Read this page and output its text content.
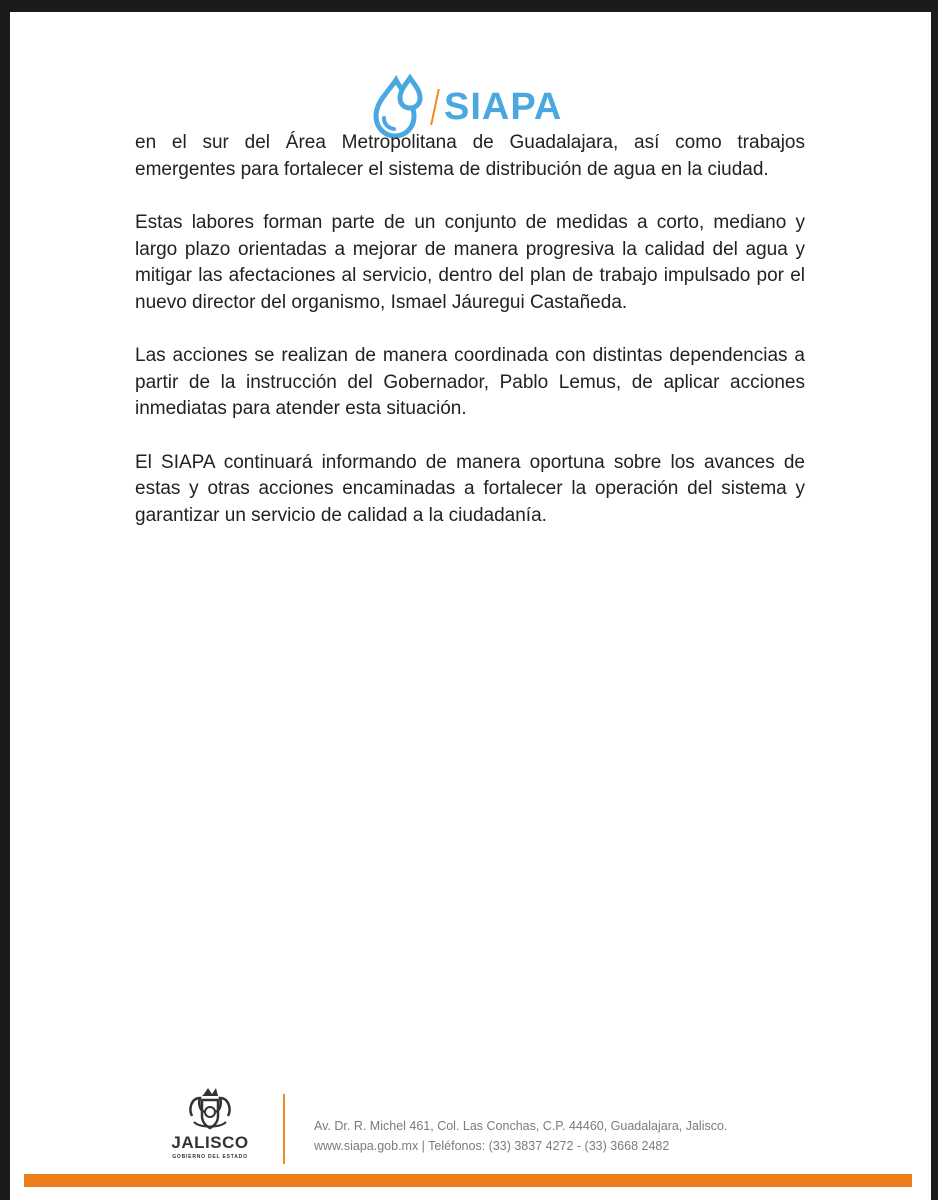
SIAPA

en el sur del Área Metropolitana de Guadalajara, así como trabajos emergentes para fortalecer el sistema de distribución de agua en la ciudad.

Estas labores forman parte de un conjunto de medidas a corto, mediano y largo plazo orientadas a mejorar de manera progresiva la calidad del agua y mitigar las afectaciones al servicio, dentro del plan de trabajo impulsado por el nuevo director del organismo, Ismael Jáuregui Castañeda.

Las acciones se realizan de manera coordinada con distintas dependencias a partir de la instrucción del Gobernador, Pablo Lemus, de aplicar acciones inmediatas para atender esta situación.

El SIAPA continuará informando de manera oportuna sobre los avances de estas y otras acciones encaminadas a fortalecer la operación del sistema y garantizar un servicio de calidad a la ciudadanía.

JALISCO
GOBIERNO DEL ESTADO
Av. Dr. R. Michel 461, Col. Las Conchas, C.P. 44460, Guadalajara, Jalisco.
www.siapa.gob.mx | Teléfonos: (33) 3837 4272 - (33) 3668 2482
